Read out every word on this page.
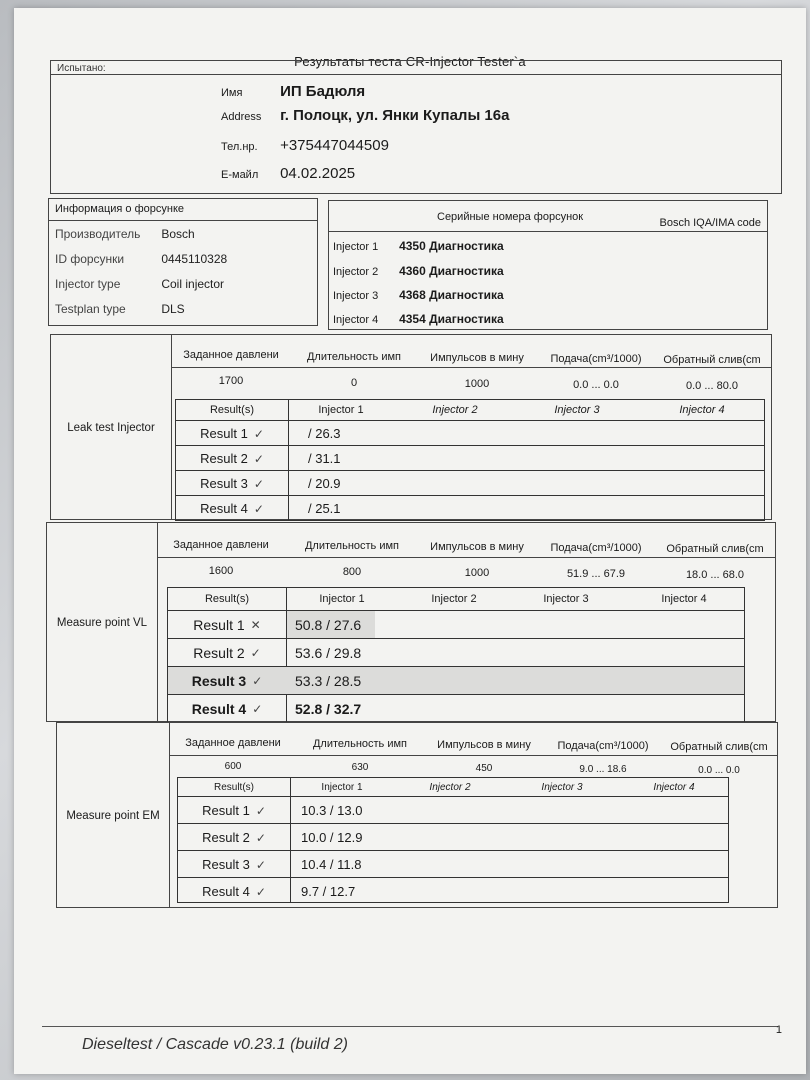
Результаты теста CR-Injector Tester`a
Испытано:
Имя	ИП Бадюля
Address г. Полоцк, ул. Янки Купалы 16а
Тел.нр. +375447044509
Е-майл 04.02.2025
Информация о форсунке
Производитель Bosch
ID форсунки	0445110328
Injector type	Coil injector
Testplan type	DLS
Серийные номера форсунок	Bosch IQA/IMA code
Injector 1 4350 Диагностика
Injector 2 4360 Диагностика
Injector 3 4368 Диагностика
Injector 4 4354 Диагностика
Leak test Injector
Заданное давлени	Длительность имп	Импульсов в мину	Подача(cm³/1000)	Обратный слив(cm
1700	0	1000	0.0 ... 0.0	0.0 ... 80.0
Result(s)	Injector 1	Injector 2	Injector 3	Injector 4
Result 1 ✓	/ 26.3
Result 2 ✓	/ 31.1
Result 3 ✓	/ 20.9
Result 4 ✓	/ 25.1
Measure point VL
Заданное давлени	Длительность имп	Импульсов в мину	Подача(cm³/1000)	Обратный слив(cm
1600	800	1000	51.9 ... 67.9	18.0 ... 68.0
Result(s)	Injector 1	Injector 2	Injector 3	Injector 4
Result 1 ✕	50.8 / 27.6
Result 2 ✓	53.6 / 29.8
Result 3 ✓	53.3 / 28.5
Result 4 ✓	52.8 / 32.7
Measure point EM
Заданное давлени	Длительность имп	Импульсов в мину	Подача(cm³/1000)	Обратный слив(cm
600	630	450	9.0 ... 18.6	0.0 ... 0.0
Result(s)	Injector 1	Injector 2	Injector 3	Injector 4
Result 1 ✓	10.3 / 13.0
Result 2 ✓	10.0 / 12.9
Result 3 ✓	10.4 / 11.8
Result 4 ✓	9.7 / 12.7
Dieseltest / Cascade v0.23.1 (build 2)
1
